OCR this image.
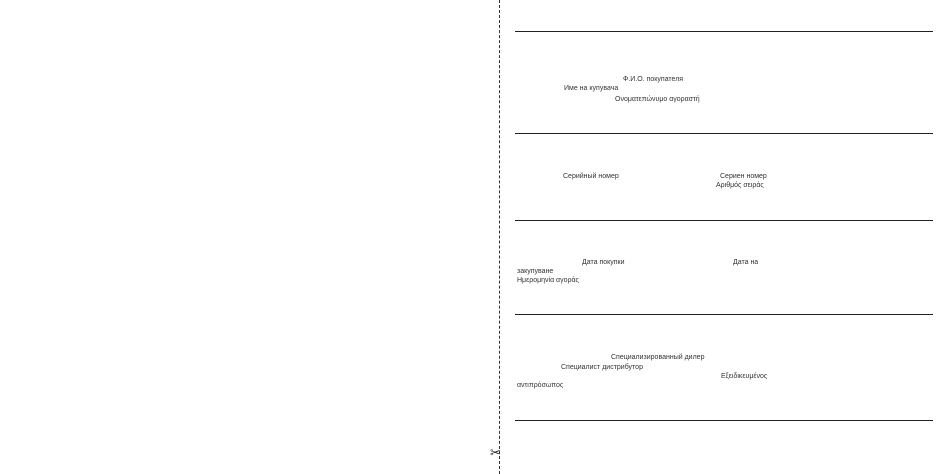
✂
Ф.И.О. покупателя
Име на купувача
Ονοματεπώνυμο αγοραστή
Серийный номер	Сериен номер
Αριθμός σειράς
Дата покупки	Дата на
закупуване
Ημερομηνία αγοράς
Специализированный дилер
Специалист дистрибутор
Εξειδικευμένος
αντιπρόσωπος
